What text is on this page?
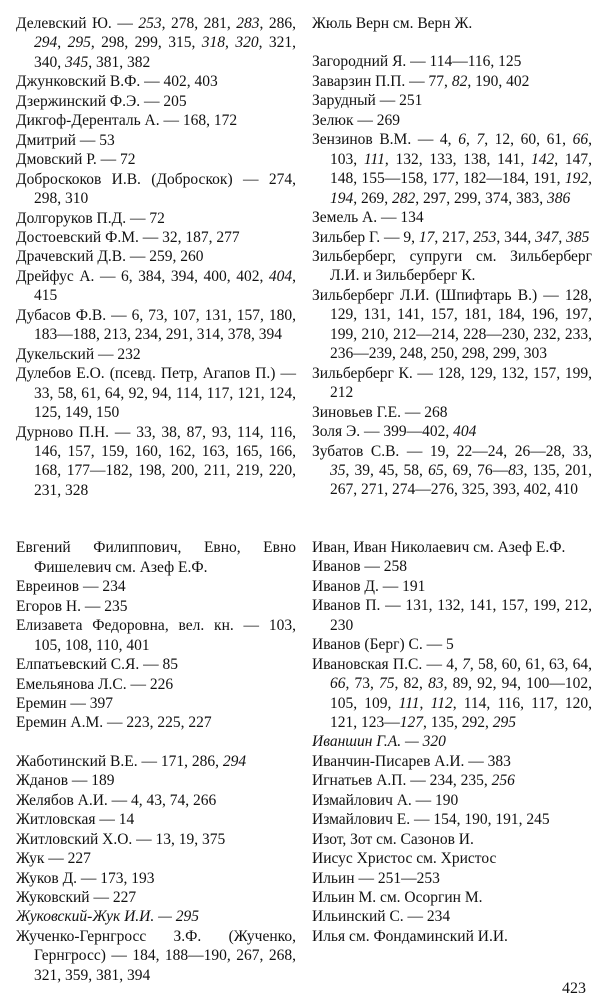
Делевский Ю. — 253, 278, 281, 283, 286, 294, 295, 298, 299, 315, 318, 320, 321, 340, 345, 381, 382
Джунковский В.Ф. — 402, 403
Дзержинский Ф.Э. — 205
Дикгоф-Деренталь А. — 168, 172
Дмитрий — 53
Дмовский Р. — 72
Доброскоков И.В. (Доброскок) — 274, 298, 310
Долгоруков П.Д. — 72
Достоевский Ф.М. — 32, 187, 277
Драчевский Д.В. — 259, 260
Дрейфус А. — 6, 384, 394, 400, 402, 404, 415
Дубасов Ф.В. — 6, 73, 107, 131, 157, 180, 183—188, 213, 234, 291, 314, 378, 394
Дукельский — 232
Дулебов Е.О. (псевд. Петр, Агапов П.) — 33, 58, 61, 64, 92, 94, 114, 117, 121, 124, 125, 149, 150
Дурново П.Н. — 33, 38, 87, 93, 114, 116, 146, 157, 159, 160, 162, 163, 165, 166, 168, 177—182, 198, 200, 211, 219, 220, 231, 328
Евгений Филиппович, Евно, Евно Фишелевич см. Азеф Е.Ф.
Евреинов — 234
Егоров Н. — 235
Елизавета Федоровна, вел. кн. — 103, 105, 108, 110, 401
Елпатьевский С.Я. — 85
Емельянова Л.С. — 226
Еремин — 397
Еремин А.М. — 223, 225, 227
Жаботинский В.Е. — 171, 286, 294
Жданов — 189
Желябов А.И. — 4, 43, 74, 266
Житловская — 14
Житловский Х.О. — 13, 19, 375
Жук — 227
Жуков Д. — 173, 193
Жуковский — 227
Жуковский-Жук И.И. — 295
Жученко-Гернгросс З.Ф. (Жученко, Гернгросс) — 184, 188—190, 267, 268, 321, 359, 381, 394
Жюль Верн см. Верн Ж.
Загородний Я. — 114—116, 125
Заварзин П.П. — 77, 82, 190, 402
Зарудный — 251
Зелюк — 269
Зензинов В.М. — 4, 6, 7, 12, 60, 61, 66, 103, 111, 132, 133, 138, 141, 142, 147, 148, 155—158, 177, 182—184, 191, 192, 194, 269, 282, 297, 299, 374, 383, 386
Земель А. — 134
Зильбер Г. — 9, 17, 217, 253, 344, 347, 385
Зильберберг, супруги см. Зильберберг Л.И. и Зильберберг К.
Зильберберг Л.И. (Шпифтарь В.) — 128, 129, 131, 141, 157, 181, 184, 196, 197, 199, 210, 212—214, 228—230, 232, 233, 236—239, 248, 250, 298, 299, 303
Зильберберг К. — 128, 129, 132, 157, 199, 212
Зиновьев Г.Е. — 268
Золя Э. — 399—402, 404
Зубатов С.В. — 19, 22—24, 26—28, 33, 35, 39, 45, 58, 65, 69, 76—83, 135, 201, 267, 271, 274—276, 325, 393, 402, 410
Иван, Иван Николаевич см. Азеф Е.Ф.
Иванов — 258
Иванов Д. — 191
Иванов П. — 131, 132, 141, 157, 199, 212, 230
Иванов (Берг) С. — 5
Ивановская П.С. — 4, 7, 58, 60, 61, 63, 64, 66, 73, 75, 82, 83, 89, 92, 94, 100—102, 105, 109, 111, 112, 114, 116, 117, 120, 121, 123—127, 135, 292, 295
Иваншин Г.А. — 320
Иванчин-Писарев А.И. — 383
Игнатьев А.П. — 234, 235, 256
Измайлович А. — 190
Измайлович Е. — 154, 190, 191, 245
Изот, Зот см. Сазонов И.
Иисус Христос см. Христос
Ильин — 251—253
Ильин М. см. Осоргин М.
Ильинский С. — 234
Илья см. Фондаминский И.И.
423
